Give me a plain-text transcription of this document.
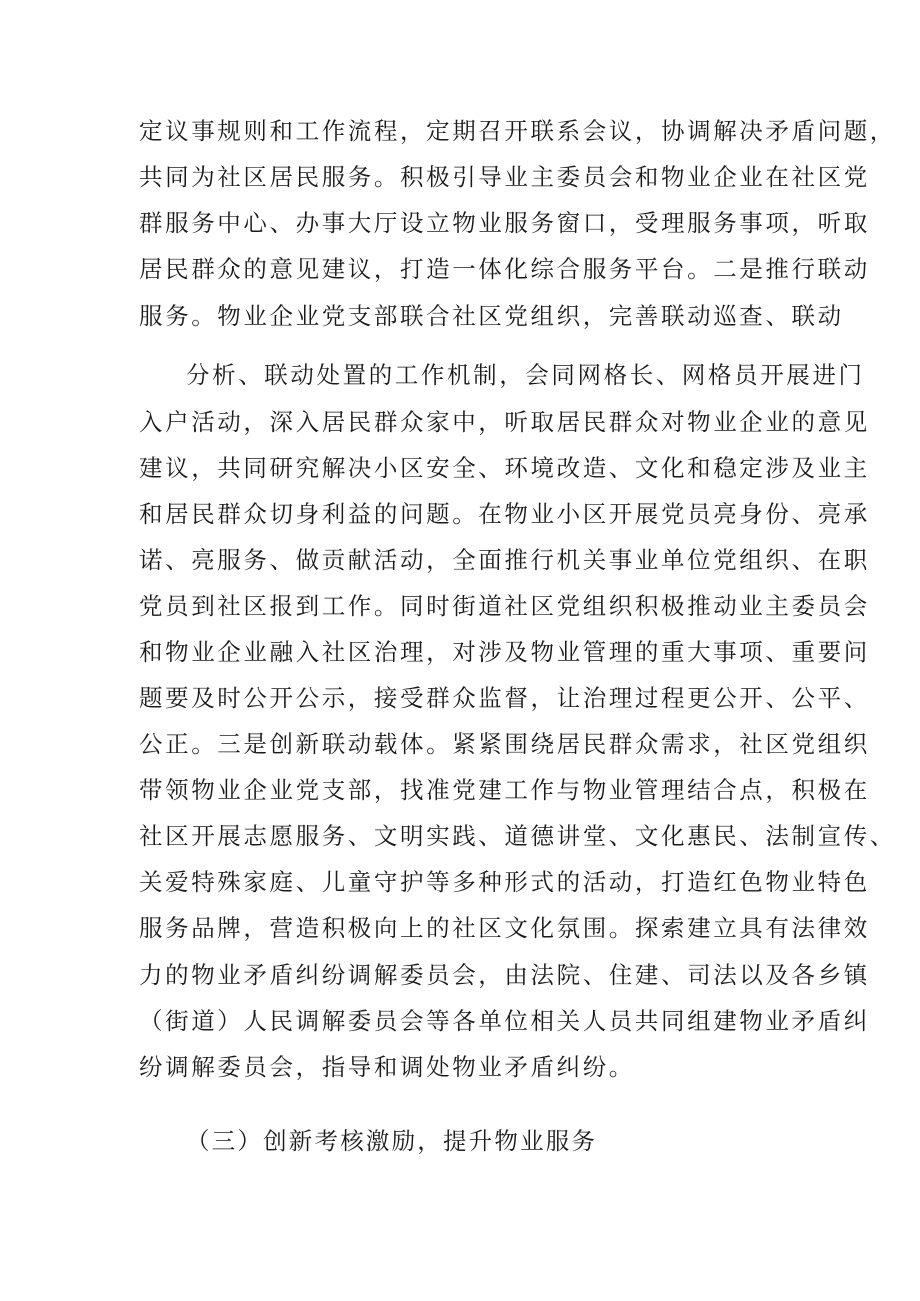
定议事规则和工作流程，定期召开联系会议，协调解决矛盾问题，
共同为社区居民服务。积极引导业主委员会和物业企业在社区党
群服务中心、办事大厅设立物业服务窗口，受理服务事项，听取
居民群众的意见建议，打造一体化综合服务平台。二是推行联动
服务。物业企业党支部联合社区党组织，完善联动巡查、联动
分析、联动处置的工作机制，会同网格长、网格员开展进门
入户活动，深入居民群众家中，听取居民群众对物业企业的意见
建议，共同研究解决小区安全、环境改造、文化和稳定涉及业主
和居民群众切身利益的问题。在物业小区开展党员亮身份、亮承
诺、亮服务、做贡献活动，全面推行机关事业单位党组织、在职
党员到社区报到工作。同时街道社区党组织积极推动业主委员会
和物业企业融入社区治理，对涉及物业管理的重大事项、重要问
题要及时公开公示，接受群众监督，让治理过程更公开、公平、
公正。三是创新联动载体。紧紧围绕居民群众需求，社区党组织
带领物业企业党支部，找准党建工作与物业管理结合点，积极在
社区开展志愿服务、文明实践、道德讲堂、文化惠民、法制宣传、
关爱特殊家庭、儿童守护等多种形式的活动，打造红色物业特色
服务品牌，营造积极向上的社区文化氛围。探索建立具有法律效
力的物业矛盾纠纷调解委员会，由法院、住建、司法以及各乡镇
（街道）人民调解委员会等各单位相关人员共同组建物业矛盾纠
纷调解委员会，指导和调处物业矛盾纠纷。
（三）创新考核激励，提升物业服务
